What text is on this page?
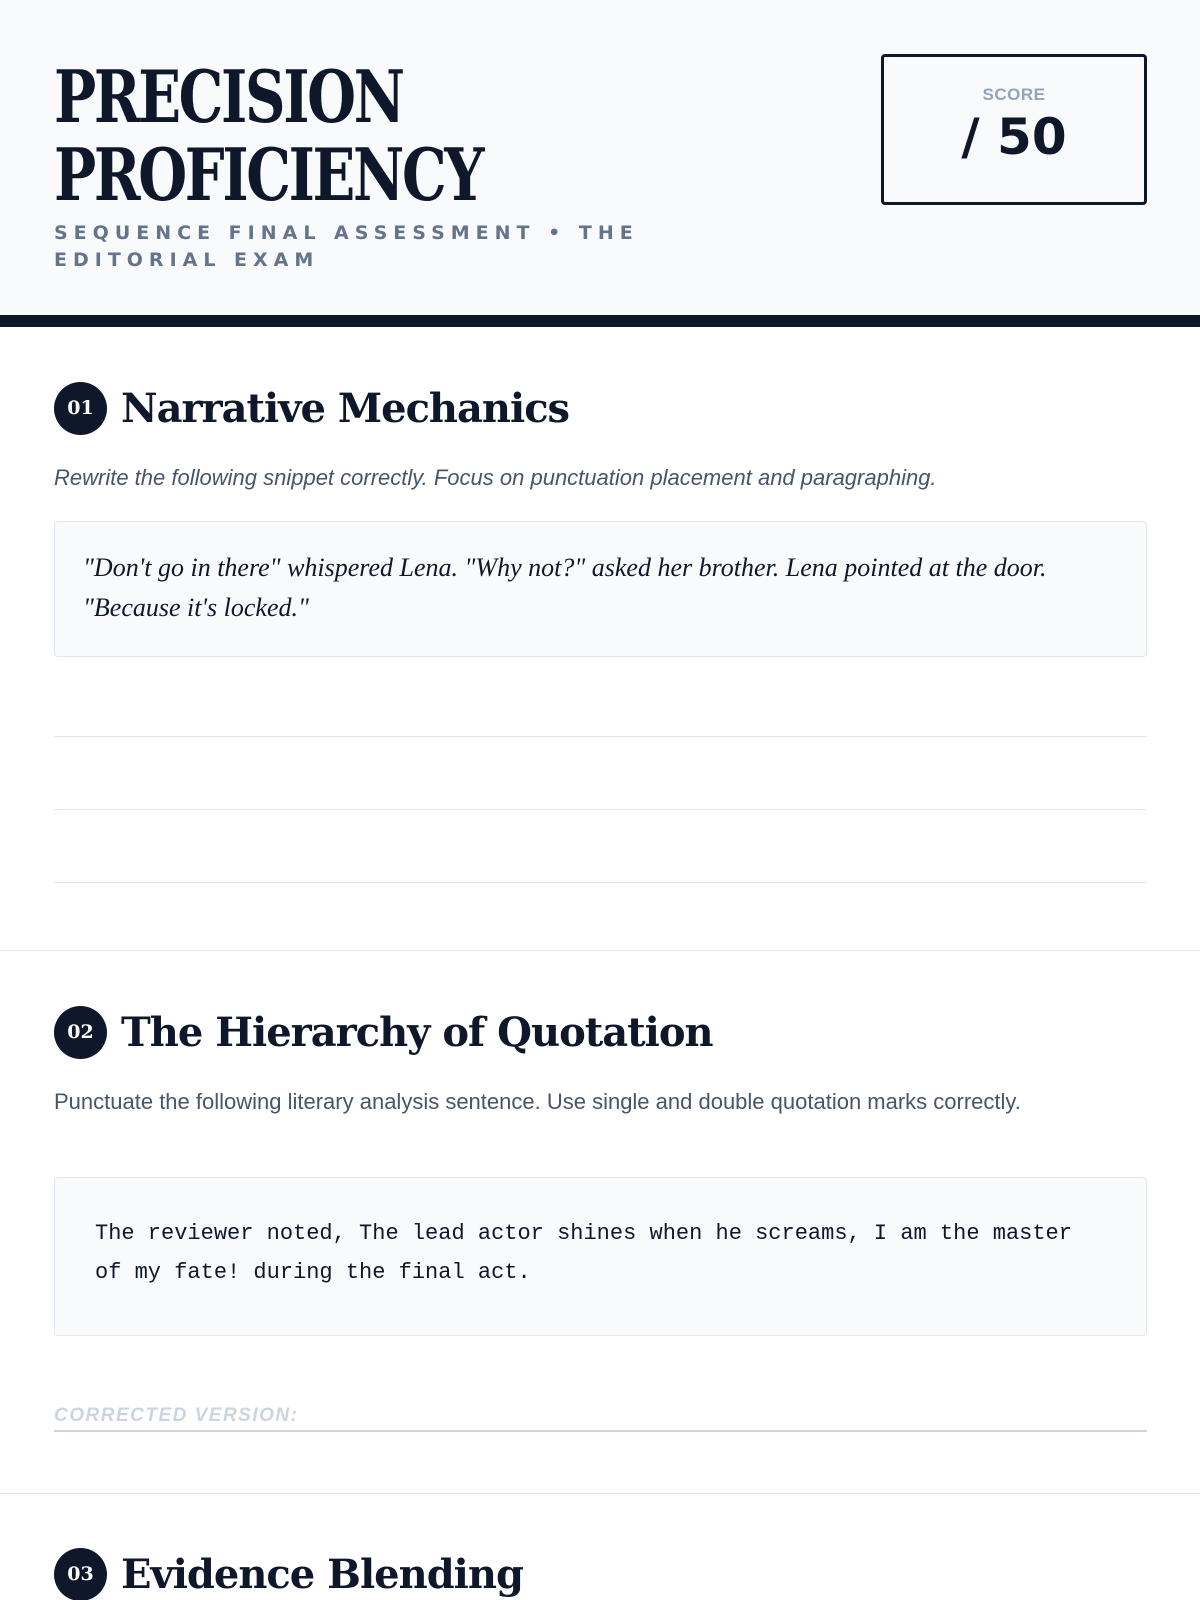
PRECISION
PROFICIENCY
SEQUENCE FINAL ASSESSMENT • THE EDITORIAL EXAM
SCORE
/ 50
01 Narrative Mechanics

Rewrite the following snippet correctly. Focus on punctuation placement and paragraphing.

"Don't go in there" whispered Lena. "Why not?" asked her brother. Lena pointed at the door. "Because it's locked."
02 The Hierarchy of Quotation

Punctuate the following literary analysis sentence. Use single and double quotation marks correctly.

The reviewer noted, The lead actor shines when he screams, I am the master of my fate! during the final act.
CORRECTED VERSION:
03 Evidence Blending
